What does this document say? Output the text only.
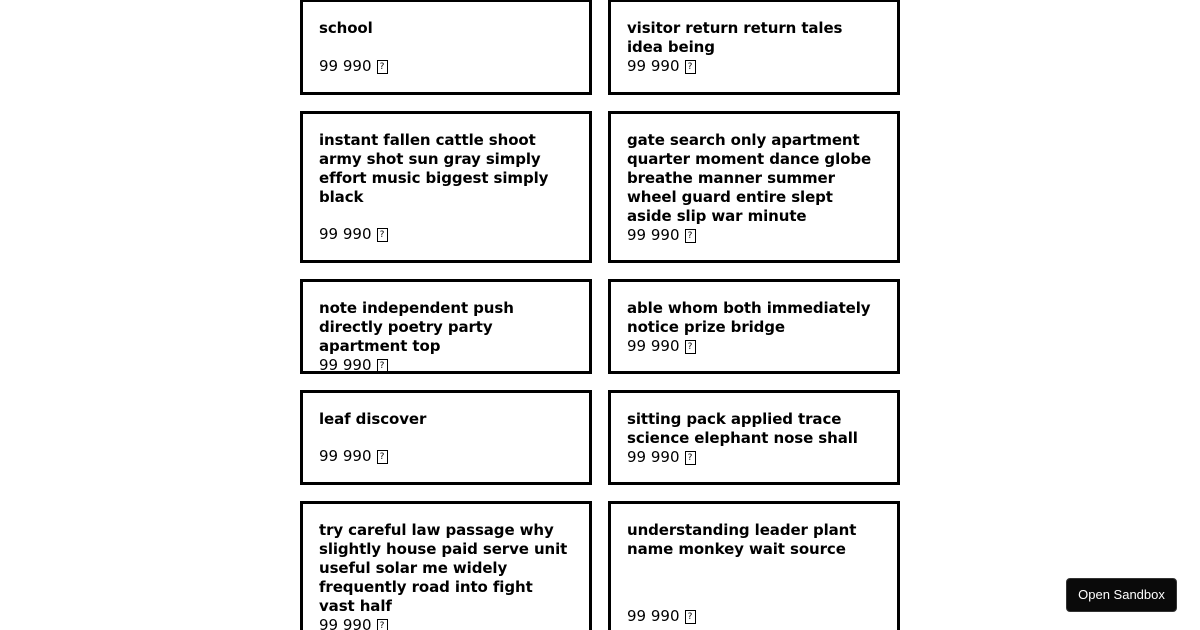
school
99 990 ?
visitor return return tales idea being
99 990 ?
instant fallen cattle shoot army shot sun gray simply effort music biggest simply black
99 990 ?
gate search only apartment quarter moment dance globe breathe manner summer wheel guard entire slept aside slip war minute
99 990 ?
note independent push directly poetry party apartment top
99 990 ?
able whom both immediately notice prize bridge
99 990 ?
leaf discover
99 990 ?
sitting pack applied trace science elephant nose shall
99 990 ?
try careful law passage why slightly house paid serve unit useful solar me widely frequently road into fight vast half
99 990 ?
understanding leader plant name monkey wait source
99 990 ?
Open Sandbox
